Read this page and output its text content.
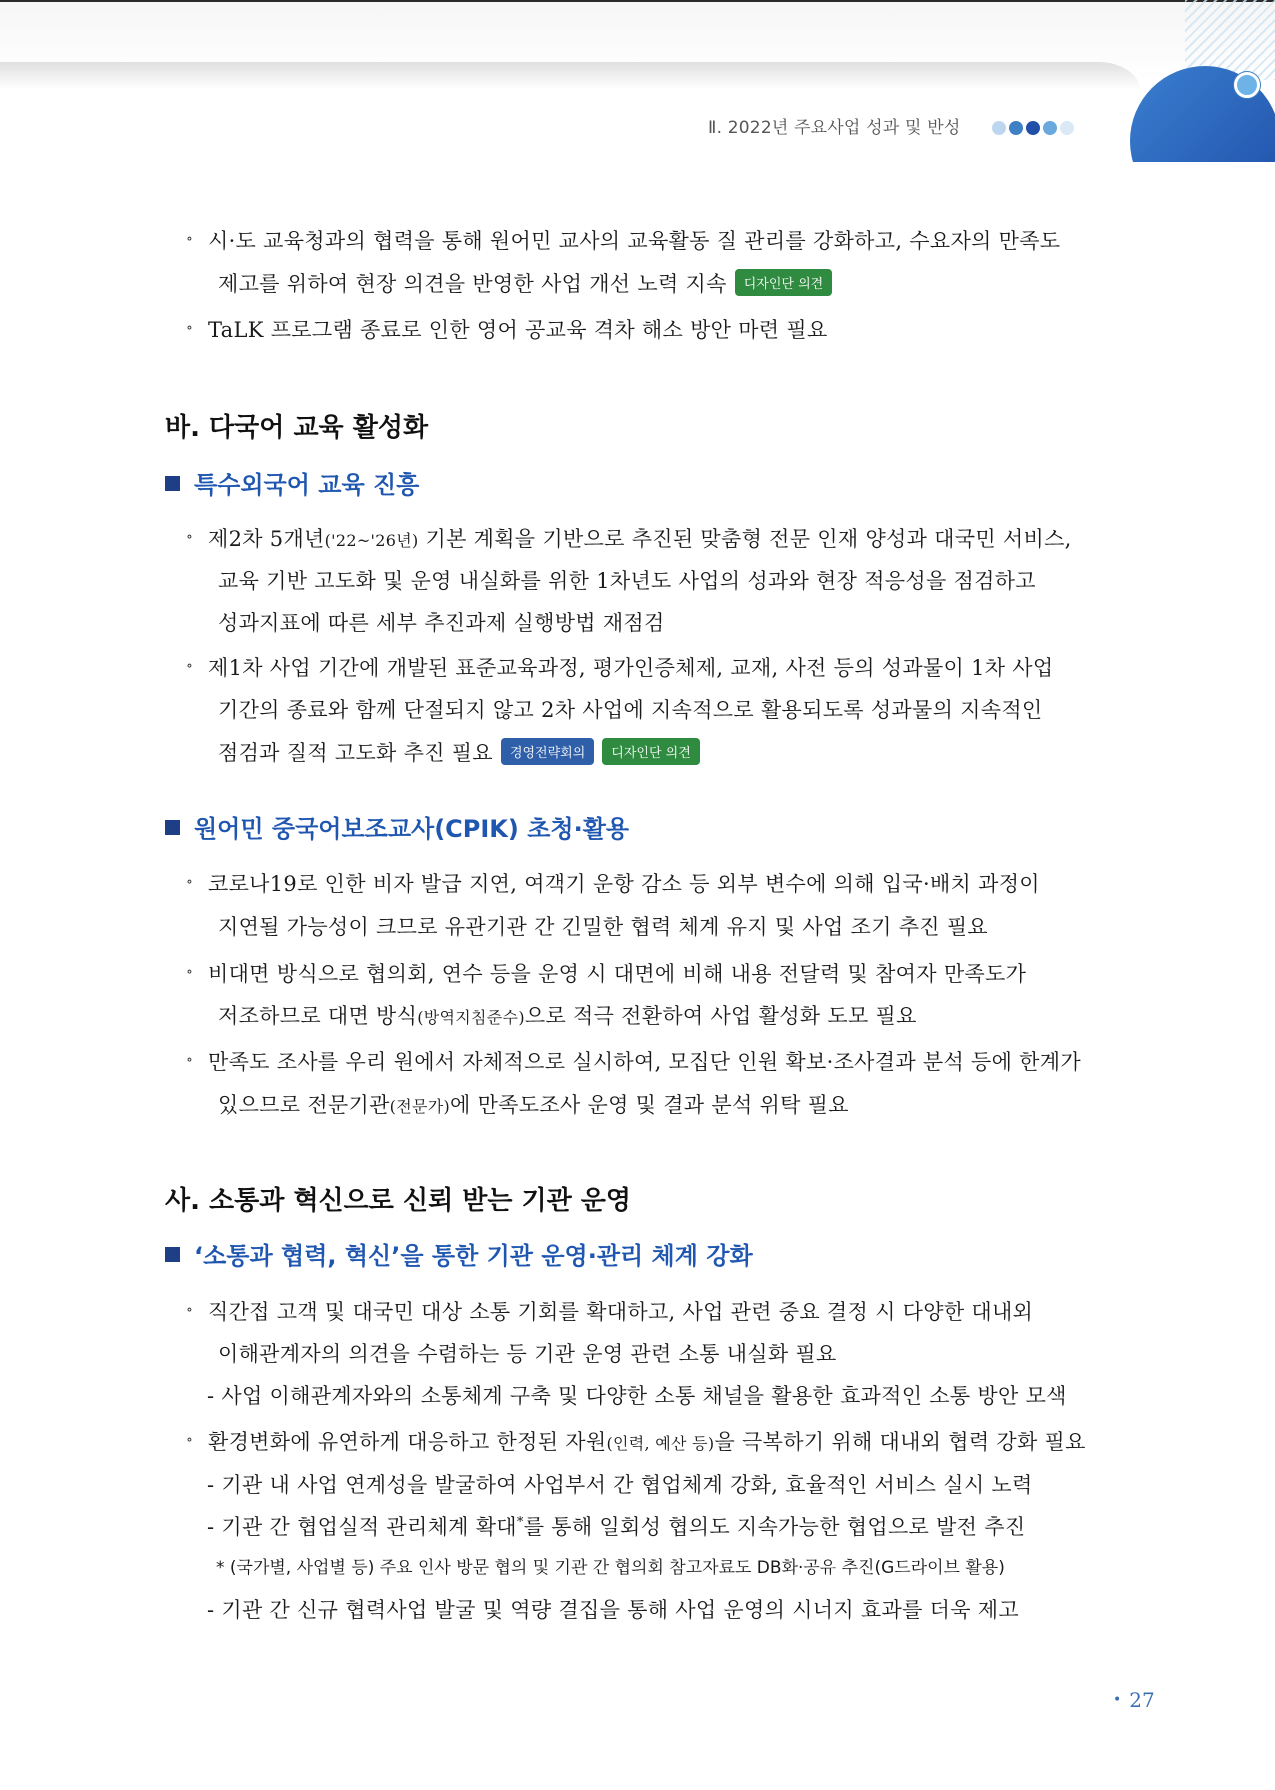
Ⅱ. 2022년 주요사업 성과 및 반성
∘ 시·도 교육청과의 협력을 통해 원어민 교사의 교육활동 질 관리를 강화하고, 수요자의 만족도
제고를 위하여 현장 의견을 반영한 사업 개선 노력 지속 디자인단 의견
∘ TaLK 프로그램 종료로 인한 영어 공교육 격차 해소 방안 마련 필요
바. 다국어 교육 활성화
특수외국어 교육 진흥
∘ 제2차 5개년('22~'26년) 기본 계획을 기반으로 추진된 맞춤형 전문 인재 양성과 대국민 서비스,
교육 기반 고도화 및 운영 내실화를 위한 1차년도 사업의 성과와 현장 적응성을 점검하고
성과지표에 따른 세부 추진과제 실행방법 재점검
∘ 제1차 사업 기간에 개발된 표준교육과정, 평가인증체제, 교재, 사전 등의 성과물이 1차 사업
기간의 종료와 함께 단절되지 않고 2차 사업에 지속적으로 활용되도록 성과물의 지속적인
점검과 질적 고도화 추진 필요 경영전략회의 디자인단 의견
원어민 중국어보조교사(CPIK) 초청·활용
∘ 코로나19로 인한 비자 발급 지연, 여객기 운항 감소 등 외부 변수에 의해 입국·배치 과정이
지연될 가능성이 크므로 유관기관 간 긴밀한 협력 체계 유지 및 사업 조기 추진 필요
∘ 비대면 방식으로 협의회, 연수 등을 운영 시 대면에 비해 내용 전달력 및 참여자 만족도가
저조하므로 대면 방식(방역지침준수)으로 적극 전환하여 사업 활성화 도모 필요
∘ 만족도 조사를 우리 원에서 자체적으로 실시하여, 모집단 인원 확보·조사결과 분석 등에 한계가
있으므로 전문기관(전문가)에 만족도조사 운영 및 결과 분석 위탁 필요
사. 소통과 혁신으로 신뢰 받는 기관 운영
‘소통과 협력, 혁신’을 통한 기관 운영·관리 체계 강화
∘ 직간접 고객 및 대국민 대상 소통 기회를 확대하고, 사업 관련 중요 결정 시 다양한 대내외
이해관계자의 의견을 수렴하는 등 기관 운영 관련 소통 내실화 필요
- 사업 이해관계자와의 소통체계 구축 및 다양한 소통 채널을 활용한 효과적인 소통 방안 모색
∘ 환경변화에 유연하게 대응하고 한정된 자원(인력, 예산 등)을 극복하기 위해 대내외 협력 강화 필요
- 기관 내 사업 연계성을 발굴하여 사업부서 간 협업체계 강화, 효율적인 서비스 실시 노력
- 기관 간 협업실적 관리체계 확대*를 통해 일회성 협의도 지속가능한 협업으로 발전 추진
* (국가별, 사업별 등) 주요 인사 방문 협의 및 기관 간 협의회 참고자료도 DB화·공유 추진(G드라이브 활용)
- 기관 간 신규 협력사업 발굴 및 역량 결집을 통해 사업 운영의 시너지 효과를 더욱 제고
• 27
